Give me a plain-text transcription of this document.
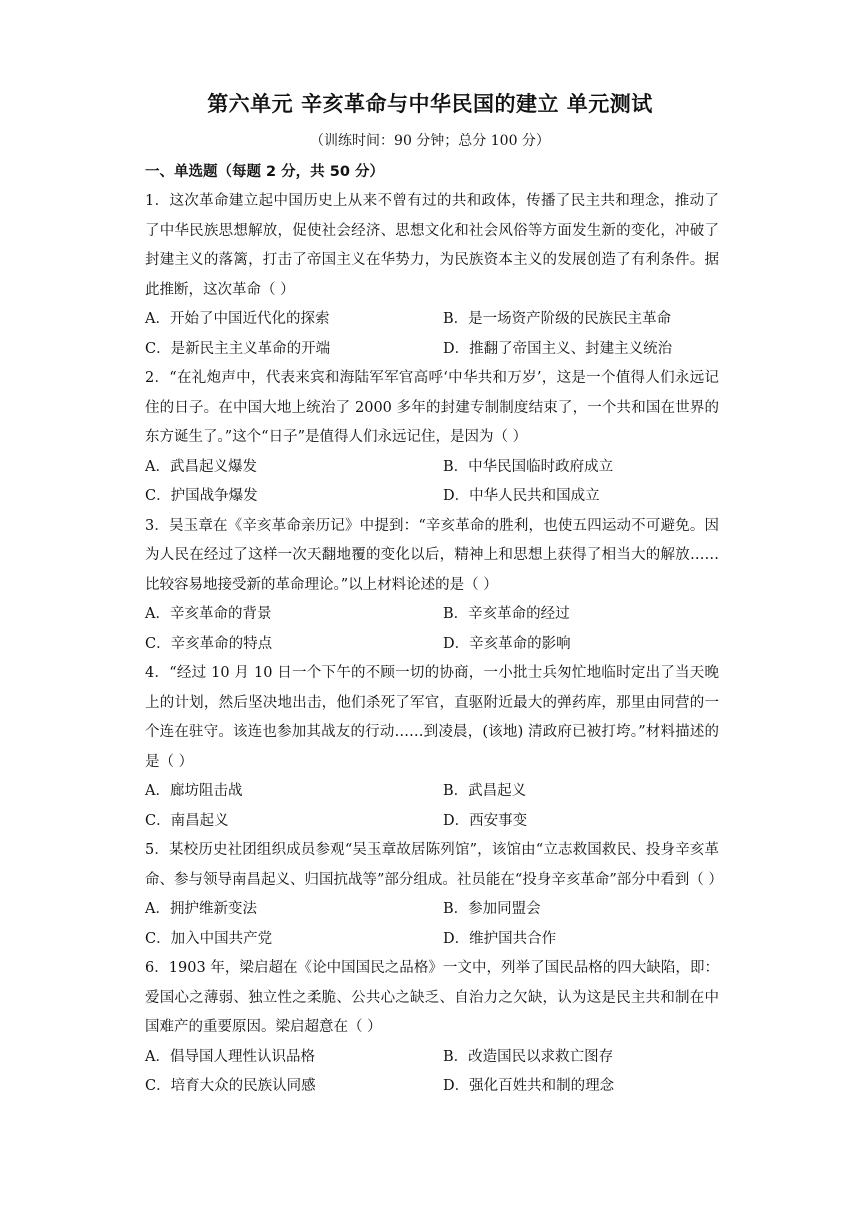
第六单元 辛亥革命与中华民国的建立 单元测试
（训练时间：90 分钟；总分 100 分）
一、单选题（每题 2 分，共 50 分）
1．这次革命建立起中国历史上从来不曾有过的共和政体，传播了民主共和理念，推动了了中华民族思想解放，促使社会经济、思想文化和社会风俗等方面发生新的变化，冲破了封建主义的落篱，打击了帝国主义在华势力，为民族资本主义的发展创造了有利条件。据此推断，这次革命（ ）
A．开始了中国近代化的探索	B．是一场资产阶级的民族民主革命
C．是新民主主义革命的开端	D．推翻了帝国主义、封建主义统治
2．“在礼炮声中，代表来宾和海陆军军官高呼‘中华共和万岁’，这是一个值得人们永远记住的日子。在中国大地上统治了 2000 多年的封建专制制度结束了，一个共和国在世界的东方诞生了。”这个“日子”是值得人们永远记住，是因为（ ）
A．武昌起义爆发	B．中华民国临时政府成立
C．护国战争爆发	D．中华人民共和国成立
3．吴玉章在《辛亥革命亲历记》中提到：“辛亥革命的胜利，也使五四运动不可避免。因为人民在经过了这样一次天翻地覆的变化以后，精神上和思想上获得了相当大的解放……比较容易地接受新的革命理论。”以上材料论述的是（ ）
A．辛亥革命的背景	B．辛亥革命的经过
C．辛亥革命的特点	D．辛亥革命的影响
4．“经过 10 月 10 日一个下午的不顾一切的协商，一小批士兵匆忙地临时定出了当天晚上的计划，然后坚决地出击，他们杀死了军官，直驱附近最大的弹药库，那里由同营的一个连在驻守。该连也参加其战友的行动……到凌晨，(该地) 清政府已被打垮。”材料描述的是（ ）
A．廊坊阻击战	B．武昌起义
C．南昌起义	D．西安事变
5．某校历史社团组织成员参观“吴玉章故居陈列馆”，该馆由“立志救国救民、投身辛亥革命、参与领导南昌起义、归国抗战等”部分组成。社员能在“投身辛亥革命”部分中看到（ ）
A．拥护维新变法	B．参加同盟会
C．加入中国共产党	D．维护国共合作
6．1903 年，梁启超在《论中国国民之品格》一文中，列举了国民品格的四大缺陷，即：爱国心之薄弱、独立性之柔脆、公共心之缺乏、自治力之欠缺，认为这是民主共和制在中国难产的重要原因。梁启超意在（ ）
A．倡导国人理性认识品格	B．改造国民以求救亡图存
C．培育大众的民族认同感	D．强化百姓共和制的理念
